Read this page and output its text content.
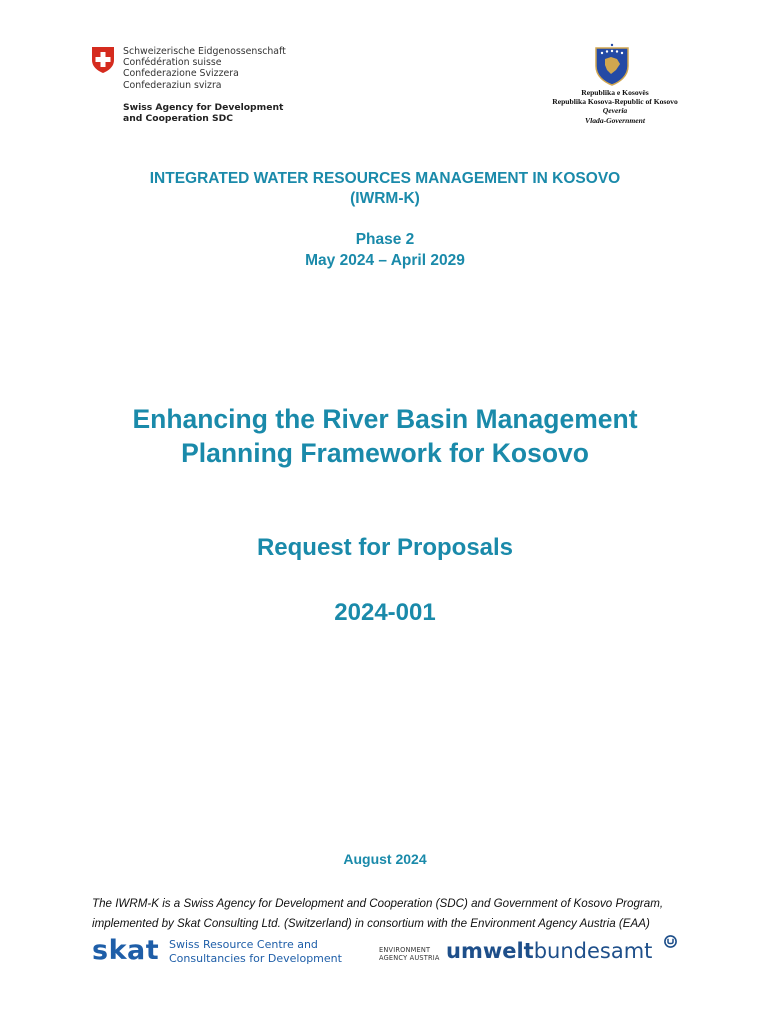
Schweizerische Eidgenossenschaft
Confédération suisse
Confederazione Svizzera
Confederaziun svizra
Swiss Agency for Development
and Cooperation SDC
Republika e Kosovës
Republika Kosova-Republic of Kosovo
Qeveria
Vlada-Government
INTEGRATED WATER RESOURCES MANAGEMENT IN KOSOVO
(IWRM-K)
Phase 2
May 2024 – April 2029
Enhancing the River Basin Management
Planning Framework for Kosovo
Request for Proposals
2024-001
August 2024
The IWRM-K is a Swiss Agency for Development and Cooperation (SDC) and Government of Kosovo Program,
implemented by Skat Consulting Ltd. (Switzerland) in consortium with the Environment Agency Austria (EAA)
skat Swiss Resource Centre and
Consultancies for Development
ENVIRONMENT
AGENCY AUSTRIA umweltbundesamt
